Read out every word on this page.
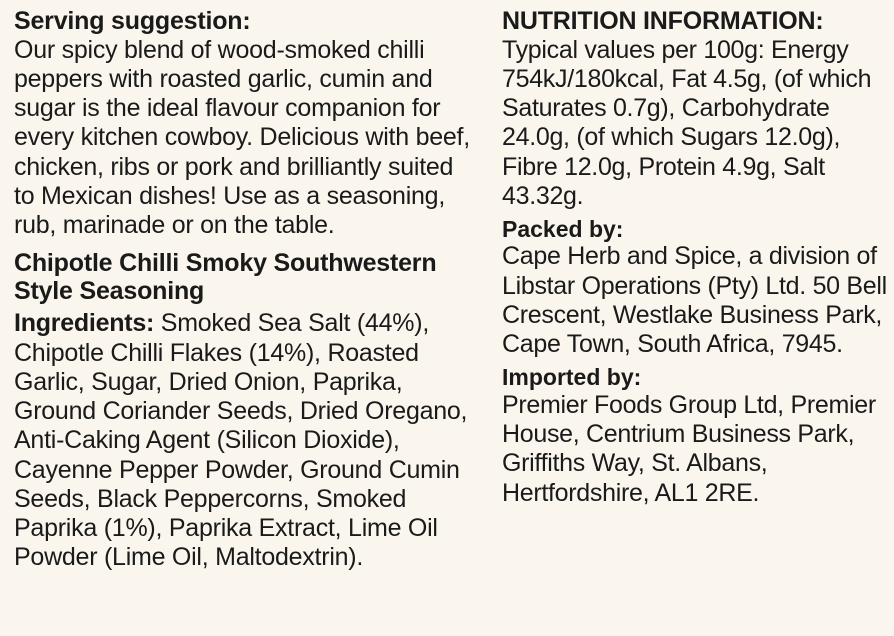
Serving suggestion:

Our spicy blend of wood-smoked chilli peppers with roasted garlic, cumin and sugar is the ideal flavour companion for every kitchen cowboy. Delicious with beef, chicken, ribs or pork and brilliantly suited to Mexican dishes! Use as a seasoning, rub, marinade or on the table.

Chipotle Chilli Smoky Southwestern Style Seasoning

Ingredients: Smoked Sea Salt (44%), Chipotle Chilli Flakes (14%), Roasted Garlic, Sugar, Dried Onion, Paprika, Ground Coriander Seeds, Dried Oregano, Anti-Caking Agent (Silicon Dioxide), Cayenne Pepper Powder, Ground Cumin Seeds, Black Peppercorns, Smoked Paprika (1%), Paprika Extract, Lime Oil Powder (Lime Oil, Maltodextrin).

NUTRITION INFORMATION:

Typical values per 100g: Energy 754kJ/180kcal, Fat 4.5g, (of which Saturates 0.7g), Carbohydrate 24.0g, (of which Sugars 12.0g), Fibre 12.0g, Protein 4.9g, Salt 43.32g.

Packed by:

Cape Herb and Spice, a division of Libstar Operations (Pty) Ltd. 50 Bell Crescent, Westlake Business Park, Cape Town, South Africa, 7945.

Imported by:

Premier Foods Group Ltd, Premier House, Centrium Business Park, Griffiths Way, St. Albans, Hertfordshire, AL1 2RE.
